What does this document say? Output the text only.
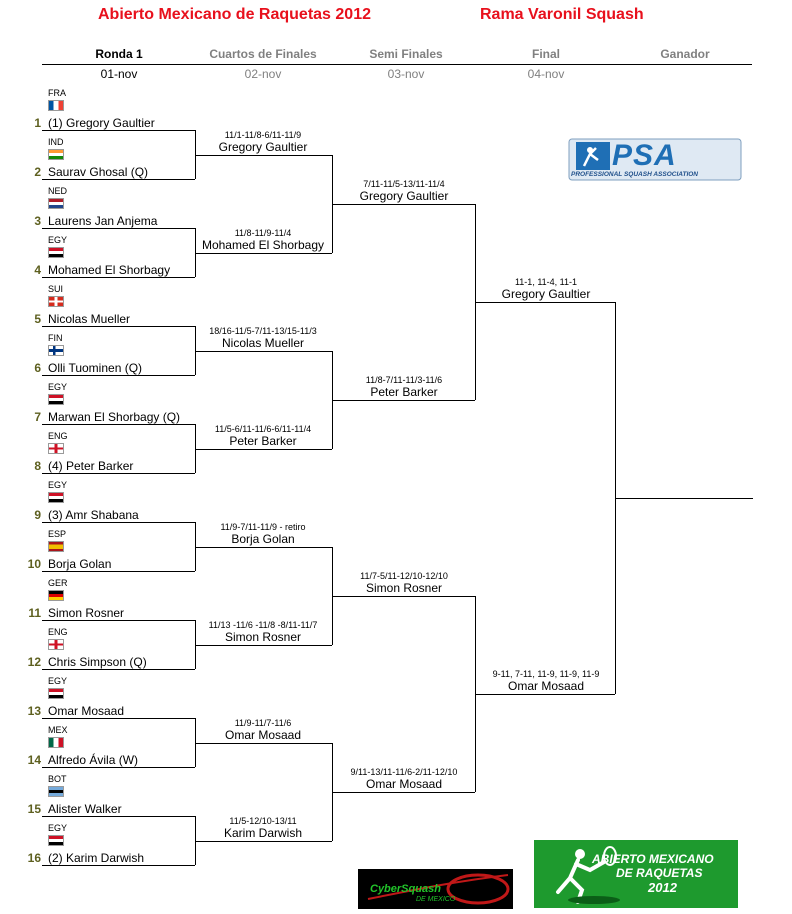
Abierto Mexicano de Raquetas 2012	Rama Varonil Squash
Ronda 1	Cuartos de Finales	Semi Finales	Final	Ganador
01-nov	02-nov	03-nov	04-nov
FRA
1 (1) Gregory Gaultier
IND
2 Saurav Ghosal (Q)
NED
3 Laurens Jan Anjema
EGY
4 Mohamed El Shorbagy
SUI
5 Nicolas Mueller
FIN
6 Olli Tuominen (Q)
EGY
7 Marwan El Shorbagy (Q)
ENG
8 (4) Peter Barker
EGY
9 (3) Amr Shabana
ESP
10 Borja Golan
GER
11 Simon Rosner
ENG
12 Chris Simpson (Q)
EGY
13 Omar Mosaad
MEX
14 Alfredo Ávila (W)
BOT
15 Alister Walker
EGY
16 (2) Karim Darwish
11/1-11/8-6/11-11/9
Gregory Gaultier
11/8-11/9-11/4
Mohamed El Shorbagy
18/16-11/5-7/11-13/15-11/3
Nicolas Mueller
11/5-6/11-11/6-6/11-11/4
Peter Barker
11/9-7/11-11/9 - retiro
Borja Golan
11/13 -11/6 -11/8 -8/11-11/7
Simon Rosner
11/9-11/7-11/6
Omar Mosaad
11/5-12/10-13/11
Karim Darwish
7/11-11/5-13/11-11/4
Gregory Gaultier
11/8-7/11-11/3-11/6
Peter Barker
11/7-5/11-12/10-12/10
Simon Rosner
9/11-13/11-11/6-2/11-12/10
Omar Mosaad
11-1, 11-4, 11-1
Gregory Gaultier
9-11, 7-11, 11-9, 11-9, 11-9
Omar Mosaad
PSA
PROFESSIONAL SQUASH ASSOCIATION
CyberSquash
DE MEXICO
ABIERTO MEXICANO
DE RAQUETAS
2012
